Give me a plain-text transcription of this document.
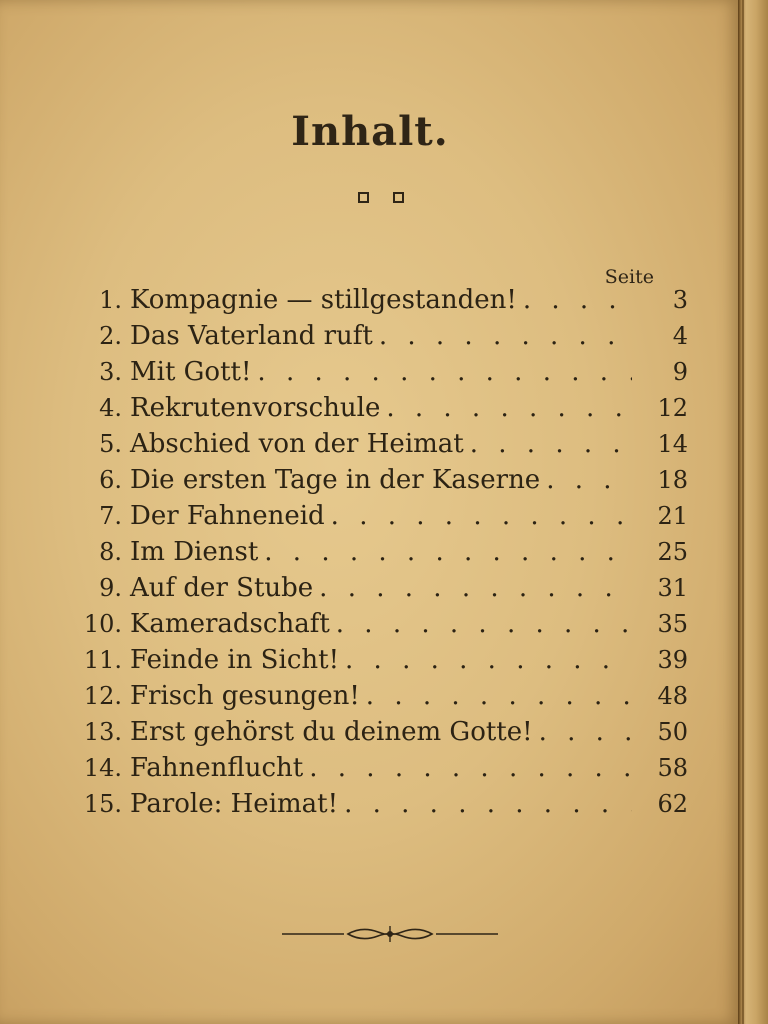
Inhalt.
Seite
1. Kompagnie — stillgestanden! . . .	3
2. Das Vaterland ruft . . .	4
3. Mit Gott! . . .	9
4. Rekrutenvorschule . . .	12
5. Abschied von der Heimat . . .	14
6. Die ersten Tage in der Kaserne . . .	18
7. Der Fahneneid . . .	21
8. Im Dienst . . .	25
9. Auf der Stube . . .	31
10. Kameradschaft . . .	35
11. Feinde in Sicht! . . .	39
12. Frisch gesungen! . . .	48
13. Erst gehörst du deinem Gotte! . . .	50
14. Fahnenflucht . . .	58
15. Parole: Heimat! . . .	62
